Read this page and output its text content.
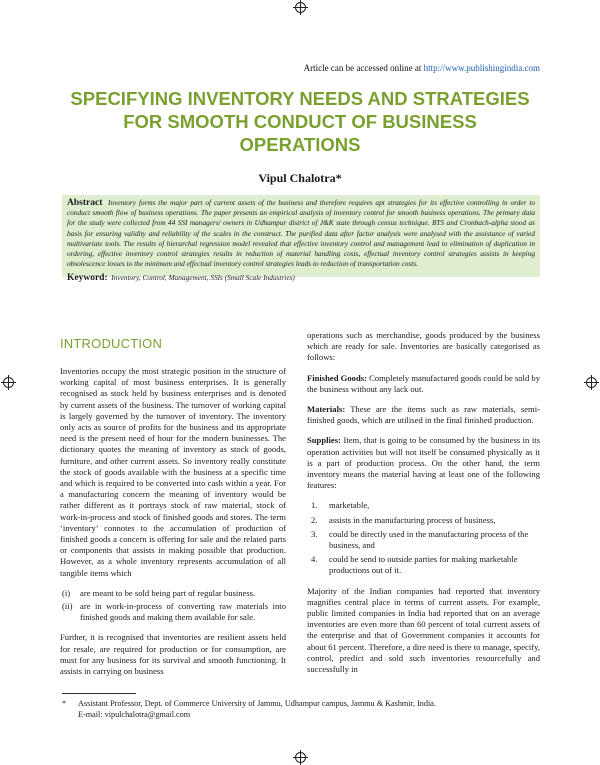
Article can be accessed online at http://www.publishingindia.com
SPECIFYING INVENTORY NEEDS AND STRATEGIES FOR SMOOTH CONDUCT OF BUSINESS OPERATIONS
Vipul Chalotra*

Abstract Inventory forms the major part of current assets of the business and therefore requires apt strategies for its effective controlling in order to conduct smooth flow of business operations. The paper presents an empirical analysis of inventory control for smooth business operations. The primary data for the study were collected from 44 SSI managers/ owners in Udhampur district of J&K state through census technique. BTS and Cronbach-alpha stood as basis for ensuring validity and reliability of the scales in the construct. The purified data after factor analysis were analysed with the assistance of varied multivariate tools. The results of hierarchal regression model revealed that effective inventory control and management lead to elimination of duplication in ordering, effective inventory control strategies results in reduction of material handling costs, effectual inventory control strategies assists in keeping obsolescence losses to the minimum and effectual inventory control strategies leads to reduction of transportation costs.

Keyword: Inventory, Control, Management, SSIs (Small Scale Industries)

INTRODUCTION

Inventories occupy the most strategic position in the structure of working capital of most business enterprises. It is generally recognised as stock held by business enterprises and is denoted by current assets of the business. The turnover of working capital is largely governed by the turnover of inventory. The inventory only acts as source of profits for the business and its appropriate need is the present need of hour for the modern businesses. The dictionary quotes the meaning of inventory as stock of goods, furniture, and other current assets. So inventory really constitute the stock of goods available with the business at a specific time and which is required to be converted into cash within a year. For a manufacturing concern the meaning of inventory would be rather different as it portrays stock of raw material, stock of work-in-process and stock of finished goods and stores. The term ‘inventory’ connotes to the accumulation of production of finished goods a concern is offering for sale and the related parts or components that assists in making possible that production. However, as a whole inventory represents accumulation of all tangible items which

(i) are meant to be sold being part of regular business.
(ii) are in work-in-process of converting raw materials into finished goods and making them available for sale.

Further, it is recognised that inventories are resilient assets held for resale, are required for production or for consumption, are must for any business for its survival and smooth functioning. It assists in carrying on business

operations such as merchandise, goods produced by the business which are ready for sale. Inventories are basically categorised as follows:

Finished Goods: Completely manufactured goods could be sold by the business without any lack out.

Materials: These are the items such as raw materials, semi-finished goods, which are utilised in the final finished production.

Supplies: Item, that is going to be consumed by the business in its operation activities but will not itself be consumed physically as it is a part of production process. On the other hand, the term inventory means the material having at least one of the following features:

1. marketable,
2. assists in the manufacturing process of business,
3. could be directly used in the manufacturing process of the business, and
4. could be send to outside parties for making marketable productions out of it.

Majority of the Indian companies had reported that inventory magnifies central place in terms of current assets. For example, public limited companies in India had reported that on an average inventories are even more than 60 percent of total current assets of the enterprise and that of Government companies it accounts for about 61 percent. Therefore, a dire need is there to manage, specify, control, predict and sold such inventories resourcefully and successfully in

* Assistant Professor, Dept. of Commerce University of Jammu, Udhampur campus, Jammu & Kashmir, India.
E-mail: vipulchalotra@gmail.com
